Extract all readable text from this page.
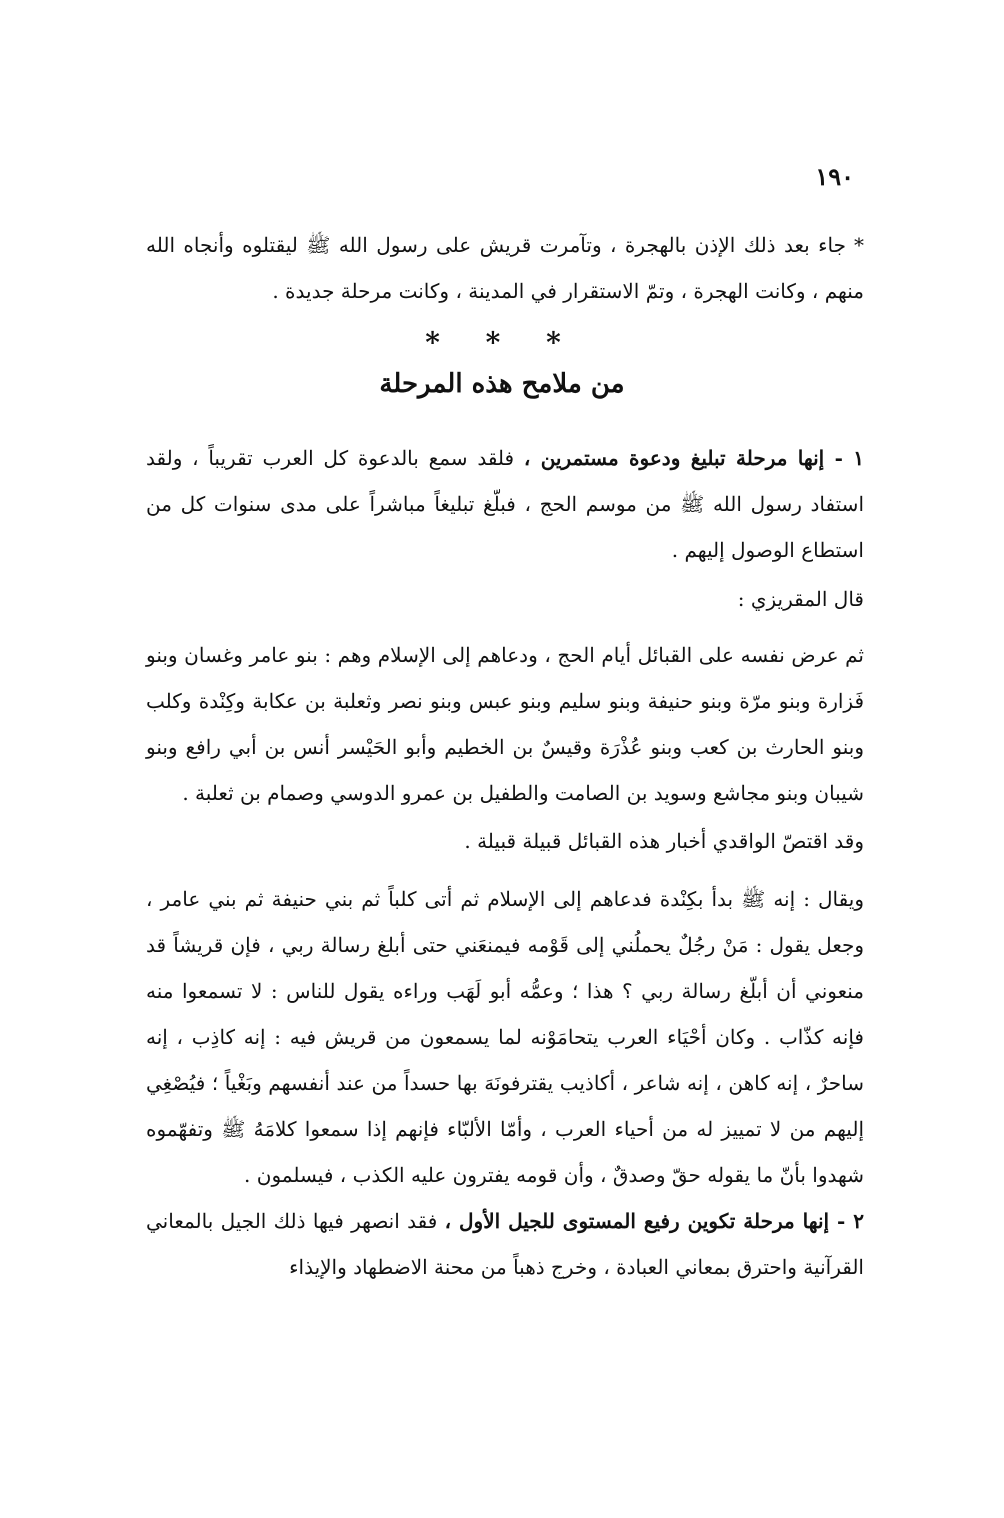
١٩٠

*جاء بعد ذلك الإذن بالهجرة ، وتآمرت قريش على رسول الله ﷺ ليقتلوه وأنجاه الله منهم ، وكانت الهجرة ، وتمّ الاستقرار في المدينة ، وكانت مرحلة جديدة .

* * *
من ملامح هذه المرحلة

١ - إنها مرحلة تبليغ ودعوة مستمرين ، فلقد سمع بالدعوة كل العرب تقريباً ، ولقد استفاد رسول الله ﷺ من موسم الحج ، فبلّغ تبليغاً مباشراً على مدى سنوات كل من استطاع الوصول إليهم .

قال المقريزي :

ثم عرض نفسه على القبائل أيام الحج ، ودعاهم إلى الإسلام وهم : بنو عامر وغسان وبنو فَزارة وبنو مرّة وبنو حنيفة وبنو سليم وبنو عبس وبنو نصر وثعلبة بن عكابة وكِنْدة وكلب وبنو الحارث بن كعب وبنو عُذْرَة وقيسٌ بن الخطيم وأبو الحَيْسر أنس بن أبي رافع وبنو شيبان وبنو مجاشع وسويد بن الصامت والطفيل بن عمرو الدوسي وصمام بن ثعلبة .

وقد اقتصّ الواقدي أخبار هذه القبائل قبيلة قبيلة .

ويقال : إنه ﷺ بدأ بكِنْدة فدعاهم إلى الإسلام ثم أتى كلباً ثم بني حنيفة ثم بني عامر ، وجعل يقول : مَنْ رجُلٌ يحملُني إلى قَوْمه فيمنعَني حتى أبلغ رسالة ربي ، فإن قريشاً قد منعوني أن أبلّغ رسالة ربي ؟ هذا ؛ وعمُّه أبو لَهَب وراءه يقول للناس : لا تسمعوا منه فإنه كذّاب . وكان أحْيَاء العرب يتحامَوْنه لما يسمعون من قريش فيه : إنه كاذِب ، إنه ساحرٌ ، إنه كاهن ، إنه شاعر ، أكاذيب يقترفونَهَ بها حسداً من عند أنفسهم وبَغْياً ؛ فيُصْغِي إليهم من لا تمييز له من أحياء العرب ، وأمّا الألبّاء فإنهم إذا سمعوا كلامَهُ ﷺ وتفهّموه شهدوا بأنّ ما يقوله حقّ وصدقٌ ، وأن قومه يفترون عليه الكذب ، فيسلمون .

٢ - إنها مرحلة تكوين رفيع المستوى للجيل الأول ، فقد انصهر فيها ذلك الجيل بالمعاني القرآنية واحترق بمعاني العبادة ، وخرج ذهباً من محنة الاضطهاد والإيذاء
